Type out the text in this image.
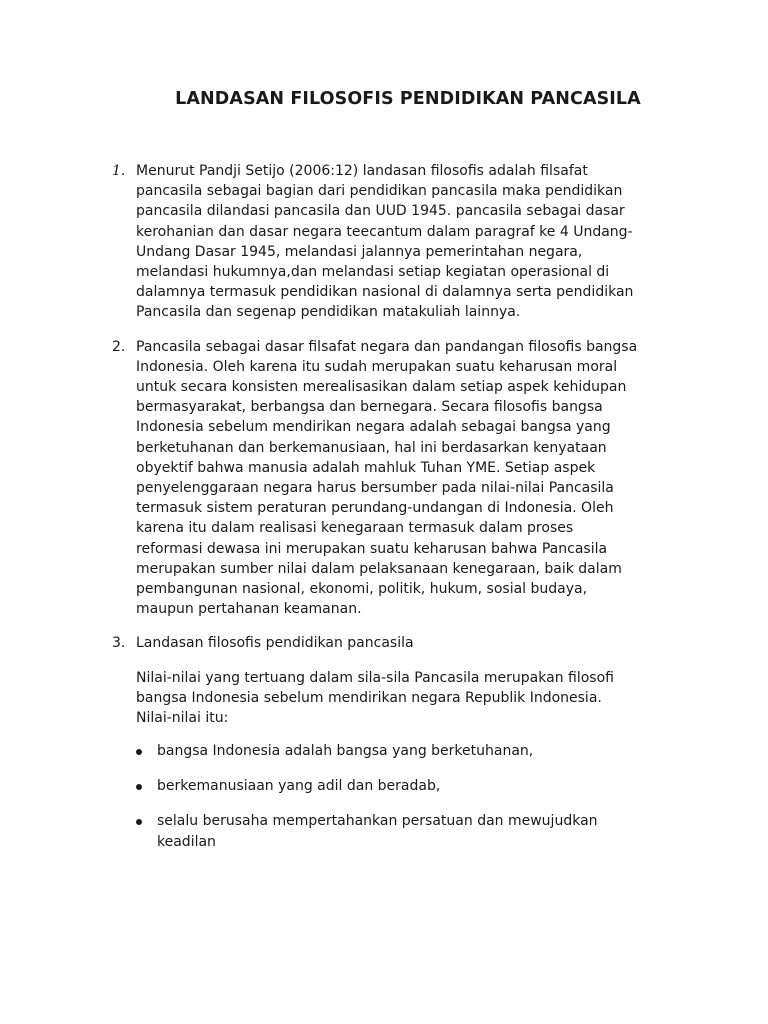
LANDASAN FILOSOFIS PENDIDIKAN PANCASILA
1. Menurut Pandji Setijo (2006:12) landasan filosofis adalah filsafat
pancasila sebagai bagian dari pendidikan pancasila maka pendidikan
pancasila dilandasi pancasila dan UUD 1945. pancasila sebagai dasar
kerohanian dan dasar negara teecantum dalam paragraf ke 4 Undang-
Undang Dasar 1945, melandasi jalannya pemerintahan negara,
melandasi hukumnya,dan melandasi setiap kegiatan operasional di
dalamnya termasuk pendidikan nasional di dalamnya serta pendidikan
Pancasila dan segenap pendidikan matakuliah lainnya.

2. Pancasila sebagai dasar filsafat negara dan pandangan filosofis bangsa
Indonesia. Oleh karena itu sudah merupakan suatu keharusan moral
untuk secara konsisten merealisasikan dalam setiap aspek kehidupan
bermasyarakat, berbangsa dan bernegara. Secara filosofis bangsa
Indonesia sebelum mendirikan negara adalah sebagai bangsa yang
berketuhanan dan berkemanusiaan, hal ini berdasarkan kenyataan
obyektif bahwa manusia adalah mahluk Tuhan YME. Setiap aspek
penyelenggaraan negara harus bersumber pada nilai-nilai Pancasila
termasuk sistem peraturan perundang-undangan di Indonesia. Oleh
karena itu dalam realisasi kenegaraan termasuk dalam proses
reformasi dewasa ini merupakan suatu keharusan bahwa Pancasila
merupakan sumber nilai dalam pelaksanaan kenegaraan, baik dalam
pembangunan nasional, ekonomi, politik, hukum, sosial budaya,
maupun pertahanan keamanan.

3. Landasan filosofis pendidikan pancasila

Nilai-nilai yang tertuang dalam sila-sila Pancasila merupakan filosofi
bangsa Indonesia sebelum mendirikan negara Republik Indonesia.
Nilai-nilai itu:

bangsa Indonesia adalah bangsa yang berketuhanan,
berkemanusiaan yang adil dan beradab,
selalu berusaha mempertahankan persatuan dan mewujudkan
keadilan
